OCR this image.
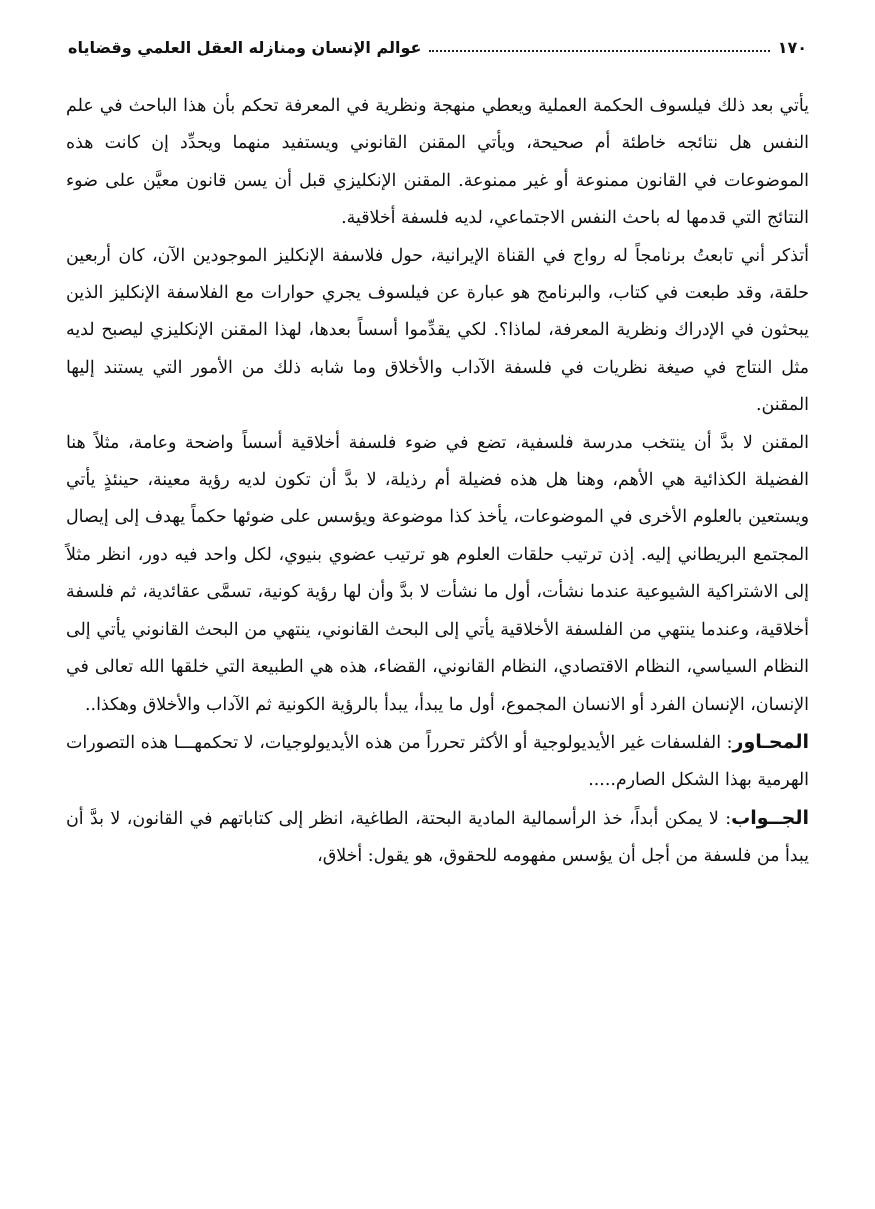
١٧٠
عوالم الإنسان ومنازله العقل العلمي وقضاياه

يأتي بعد ذلك فيلسوف الحكمة العملية ويعطي منهجة ونظرية في المعرفة تحكم بأن هذا الباحث في علم النفس هل نتائجه خاطئة أم صحيحة، ويأتي المقنن القانوني ويستفيد منهما ويحدِّد إن كانت هذه الموضوعات في القانون ممنوعة أو غير ممنوعة. المقنن الإنكليزي قبل أن يسن قانون معيَّن على ضوء النتائج التي قدمها له باحث النفس الاجتماعي، لديه فلسفة أخلاقية.

أتذكر أني تابعتُ برنامجاً له رواج في القناة الإيرانية، حول فلاسفة الإنكليز الموجودين الآن، كان أربعين حلقة، وقد طبعت في كتاب، والبرنامج هو عبارة عن فيلسوف يجري حوارات مع الفلاسفة الإنكليز الذين يبحثون في الإدراك ونظرية المعرفة، لماذا؟. لكي يقدِّموا أسساً بعدها، لهذا المقنن الإنكليزي ليصبح لديه مثل النتاج في صيغة نظريات في فلسفة الآداب والأخلاق وما شابه ذلك من الأمور التي يستند إليها المقنن.

المقنن لا بدَّ أن ينتخب مدرسة فلسفية، تضع في ضوء فلسفة أخلاقية أسساً واضحة وعامة، مثلاً هنا الفضيلة الكذائية هي الأهم، وهنا هل هذه فضيلة أم رذيلة، لا بدَّ أن تكون لديه رؤية معينة، حينئذٍ يأتي ويستعين بالعلوم الأخرى في الموضوعات، يأخذ كذا موضوعة ويؤسس على ضوئها حكماً يهدف إلى إيصال المجتمع البريطاني إليه. إذن ترتيب حلقات العلوم هو ترتيب عضوي بنيوي، لكل واحد فيه دور، انظر مثلاً إلى الاشتراكية الشيوعية عندما نشأت، أول ما نشأت لا بدَّ وأن لها رؤية كونية، تسمَّى عقائدية، ثم فلسفة أخلاقية، وعندما ينتهي من الفلسفة الأخلاقية يأتي إلى البحث القانوني، ينتهي من البحث القانوني يأتي إلى النظام السياسي، النظام الاقتصادي، النظام القانوني، القضاء، هذه هي الطبيعة التي خلقها الله تعالى في الإنسان، الإنسان الفرد أو الانسان المجموع، أول ما يبدأ، يبدأ بالرؤية الكونية ثم الآداب والأخلاق وهكذا..

المحـاور: الفلسفات غير الأيديولوجية أو الأكثر تحرراً من هذه الأيديولوجيات، لا تحكمهـــا هذه التصورات الهرمية بهذا الشكل الصارم.....

الجــواب: لا يمكن أبداً، خذ الرأسمالية المادية البحتة، الطاغية، انظر إلى كتاباتهم في القانون، لا بدَّ أن يبدأ من فلسفة من أجل أن يؤسس مفهومه للحقوق، هو يقول: أخلاق،
